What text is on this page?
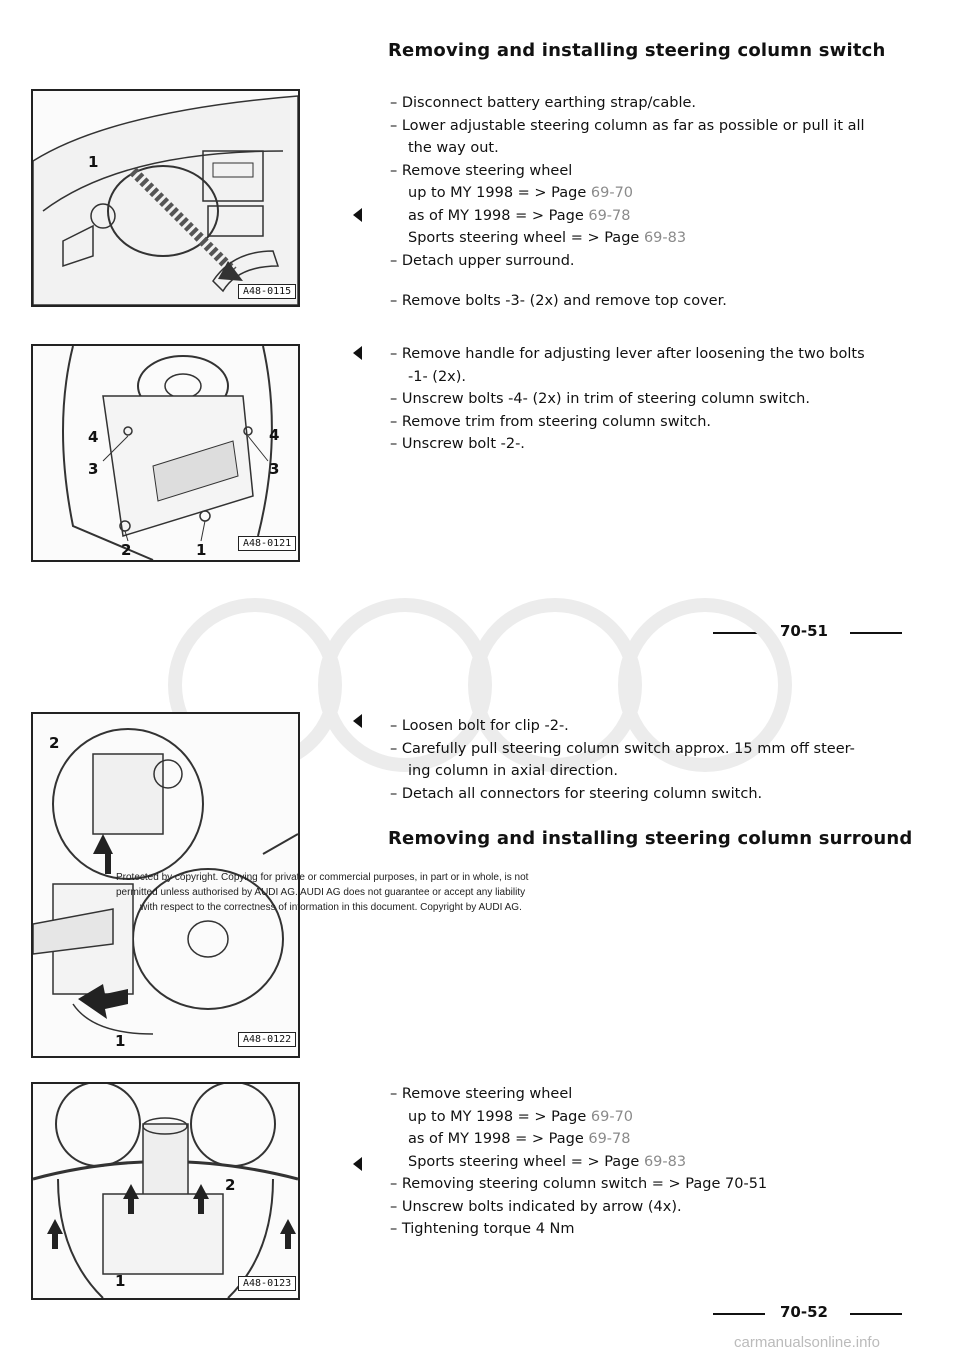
1
A48-0115
Removing and installing steering column switch
– Disconnect battery earthing strap/cable.
– Lower adjustable steering column as far as possible or pull it all
the way out.
– Remove steering wheel
up to MY 1998 = > Page 69-70
as of MY 1998 = > Page 69-78
Sports steering wheel = > Page 69-83
– Detach upper surround.
– Remove bolts -3- (2x) and remove top cover.
4
3
2	1
4
3
A48-0121
– Remove handle for adjusting lever after loosening the two bolts
-1- (2x).
– Unscrew bolts -4- (2x) in trim of steering column switch.
– Remove trim from steering column switch.
– Unscrew bolt -2-.
70-51
2
1	A48-0122
– Loosen bolt for clip -2-.
– Carefully pull steering column switch approx. 15 mm off steer-
ing column in axial direction.
– Detach all connectors for steering column switch.
Removing and installing steering column surround
Protected by copyright. Copying for private or commercial purposes, in part or in whole, is not
permitted unless authorised by AUDI AG. AUDI AG does not guarantee or accept any liability
with respect to the correctness of information in this document. Copyright by AUDI AG.
2
1	A48-0123
– Remove steering wheel
up to MY 1998 = > Page 69-70
as of MY 1998 = > Page 69-78
Sports steering wheel = > Page 69-83
– Removing steering column switch = > Page 70-51
– Unscrew bolts indicated by arrow (4x).
– Tightening torque 4 Nm
70-52
carmanualsonline.info
